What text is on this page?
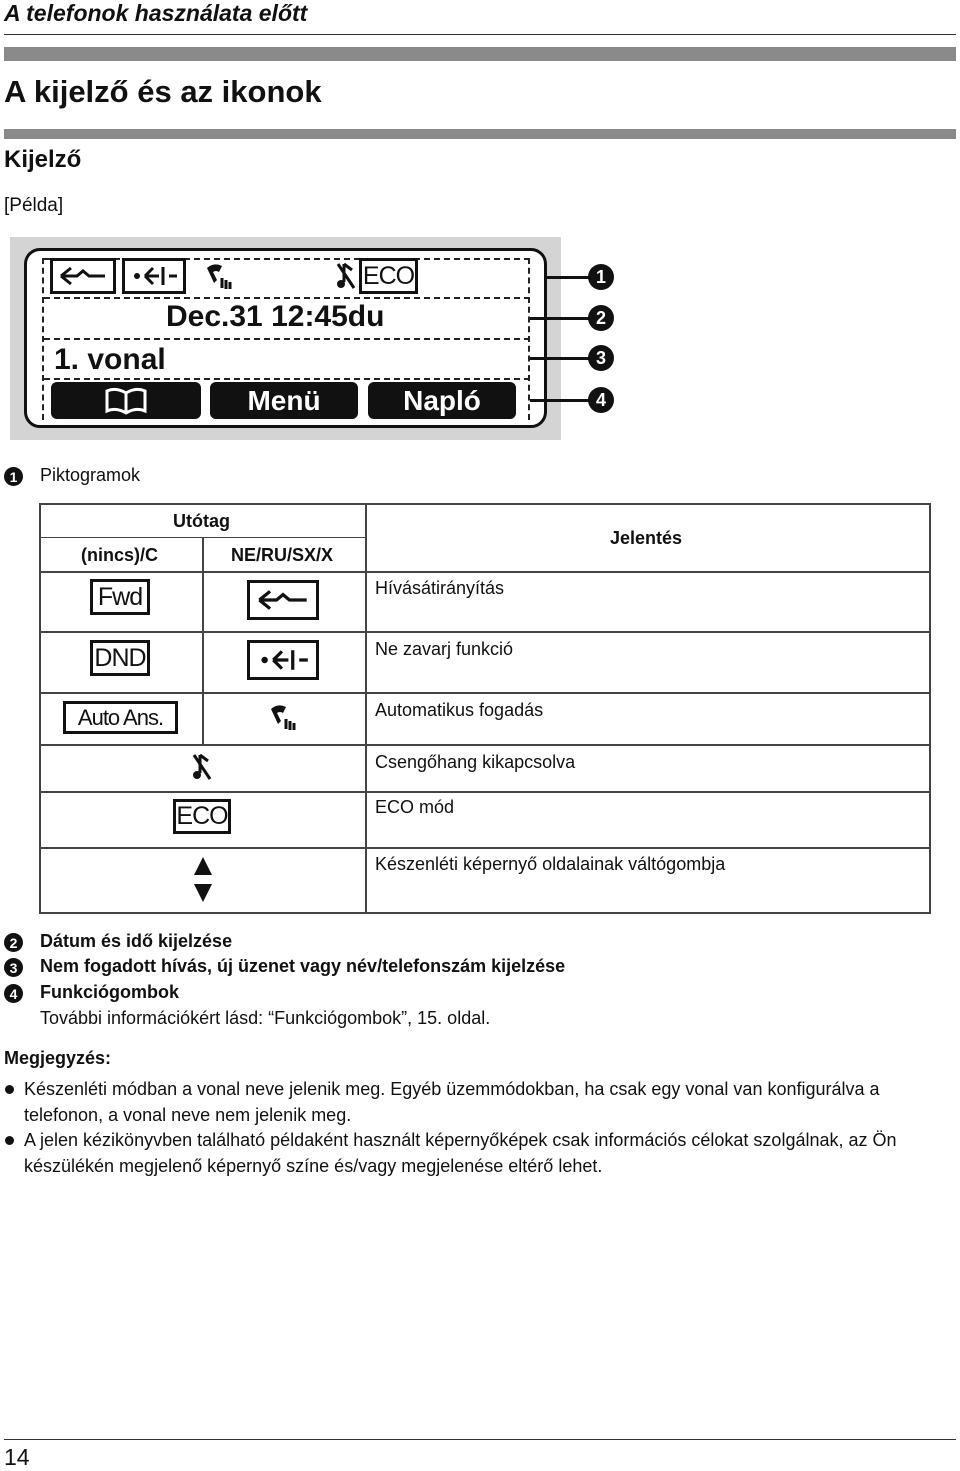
A telefonok használata előtt
A kijelző és az ikonok
Kijelző
[Példa]
ECO
Dec.31 12:45du
1. vonal
Menü	Napló
1
2
3
4
1	Piktogramok
Utótag
(nincs)/C	NE/RU/SX/X
Jelentés
Fwd	Hívásátirányítás
DND	Ne zavarj funkció
Auto Ans.	Automatikus fogadás
Csengőhang kikapcsolva
ECO	ECO mód
Készenléti képernyő oldalainak váltógombja
2	Dátum és idő kijelzése
3	Nem fogadott hívás, új üzenet vagy név/telefonszám kijelzése
4	Funkciógombok
További információkért lásd: “Funkciógombok”, 15. oldal.
Megjegyzés:
Készenléti módban a vonal neve jelenik meg. Egyéb üzemmódokban, ha csak egy vonal van konfigurálva a
telefonon, a vonal neve nem jelenik meg.
A jelen kézikönyvben található példaként használt képernyőképek csak információs célokat szolgálnak, az Ön
készülékén megjelenő képernyő színe és/vagy megjelenése eltérő lehet.
14
